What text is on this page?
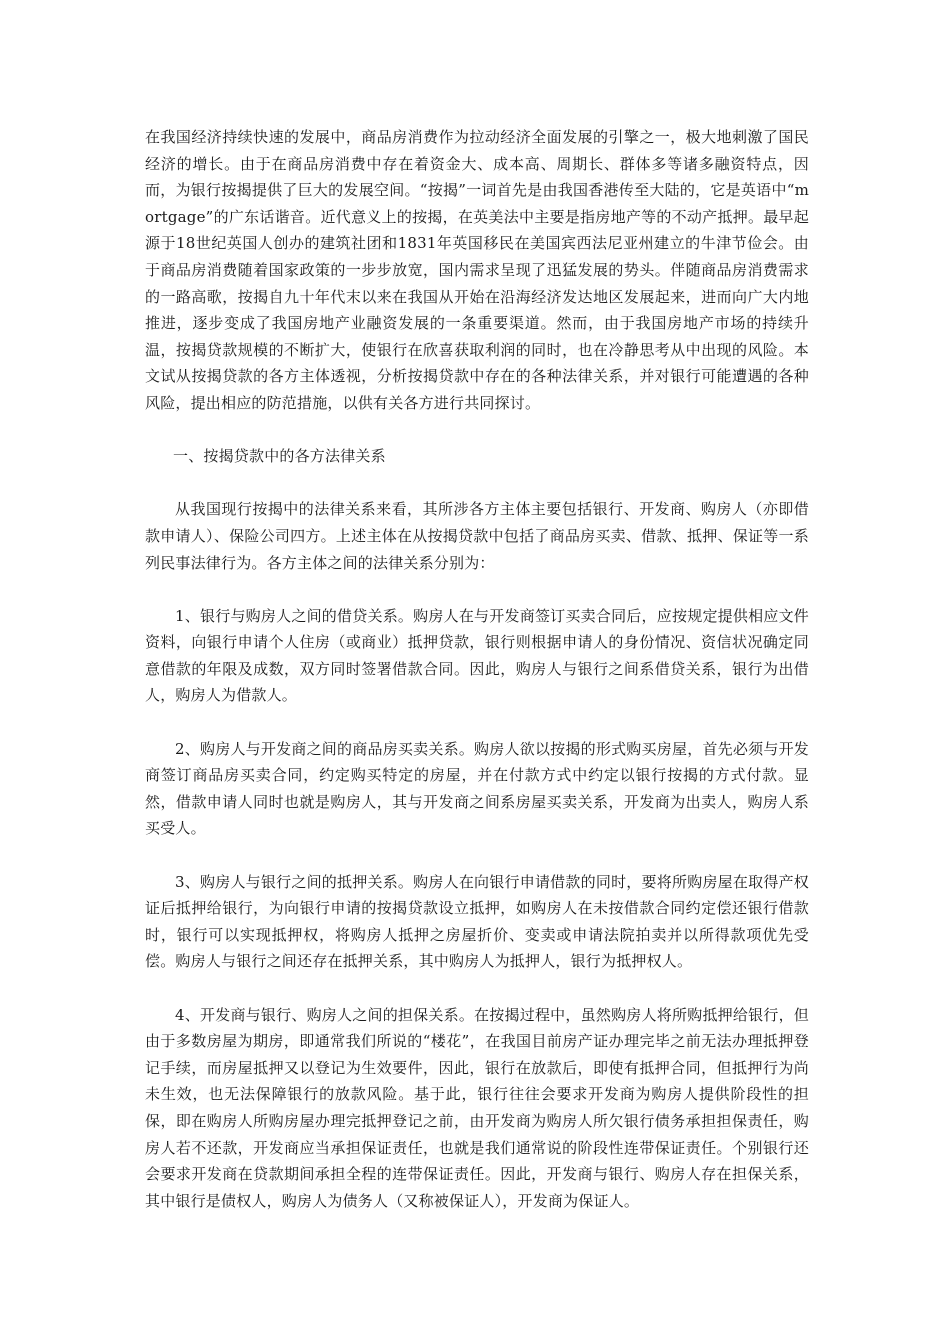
在我国经济持续快速的发展中，商品房消费作为拉动经济全面发展的引擎之一，极大地刺激了国民经济的增长。由于在商品房消费中存在着资金大、成本高、周期长、群体多等诸多融资特点，因而，为银行按揭提供了巨大的发展空间。“按揭”一词首先是由我国香港传至大陆的，它是英语中“mortgage”的广东话谐音。近代意义上的按揭，在英美法中主要是指房地产等的不动产抵押。最早起源于18世纪英国人创办的建筑社团和1831年英国移民在美国宾西法尼亚州建立的牛津节俭会。由于商品房消费随着国家政策的一步步放宽，国内需求呈现了迅猛发展的势头。伴随商品房消费需求的一路高歌，按揭自九十年代末以来在我国从开始在沿海经济发达地区发展起来，进而向广大内地推进，逐步变成了我国房地产业融资发展的一条重要渠道。然而，由于我国房地产市场的持续升温，按揭贷款规模的不断扩大，使银行在欣喜获取利润的同时，也在冷静思考从中出现的风险。本文试从按揭贷款的各方主体透视，分析按揭贷款中存在的各种法律关系，并对银行可能遭遇的各种风险，提出相应的防范措施，以供有关各方进行共同探讨。

一、按揭贷款中的各方法律关系

从我国现行按揭中的法律关系来看，其所涉各方主体主要包括银行、开发商、购房人（亦即借款申请人）、保险公司四方。上述主体在从按揭贷款中包括了商品房买卖、借款、抵押、保证等一系列民事法律行为。各方主体之间的法律关系分别为：

1、银行与购房人之间的借贷关系。购房人在与开发商签订买卖合同后，应按规定提供相应文件资料，向银行申请个人住房（或商业）抵押贷款，银行则根据申请人的身份情况、资信状况确定同意借款的年限及成数，双方同时签署借款合同。因此，购房人与银行之间系借贷关系，银行为出借人，购房人为借款人。

2、购房人与开发商之间的商品房买卖关系。购房人欲以按揭的形式购买房屋，首先必须与开发商签订商品房买卖合同，约定购买特定的房屋，并在付款方式中约定以银行按揭的方式付款。显然，借款申请人同时也就是购房人，其与开发商之间系房屋买卖关系，开发商为出卖人，购房人系买受人。

3、购房人与银行之间的抵押关系。购房人在向银行申请借款的同时，要将所购房屋在取得产权证后抵押给银行，为向银行申请的按揭贷款设立抵押，如购房人在未按借款合同约定偿还银行借款时，银行可以实现抵押权，将购房人抵押之房屋折价、变卖或申请法院拍卖并以所得款项优先受偿。购房人与银行之间还存在抵押关系，其中购房人为抵押人，银行为抵押权人。

4、开发商与银行、购房人之间的担保关系。在按揭过程中，虽然购房人将所购抵押给银行，但由于多数房屋为期房，即通常我们所说的“楼花”，在我国目前房产证办理完毕之前无法办理抵押登记手续，而房屋抵押又以登记为生效要件，因此，银行在放款后，即使有抵押合同，但抵押行为尚未生效，也无法保障银行的放款风险。基于此，银行往往会要求开发商为购房人提供阶段性的担保，即在购房人所购房屋办理完抵押登记之前，由开发商为购房人所欠银行债务承担担保责任，购房人若不还款，开发商应当承担保证责任，也就是我们通常说的阶段性连带保证责任。个别银行还会要求开发商在贷款期间承担全程的连带保证责任。因此，开发商与银行、购房人存在担保关系，其中银行是债权人，购房人为债务人（又称被保证人），开发商为保证人。
